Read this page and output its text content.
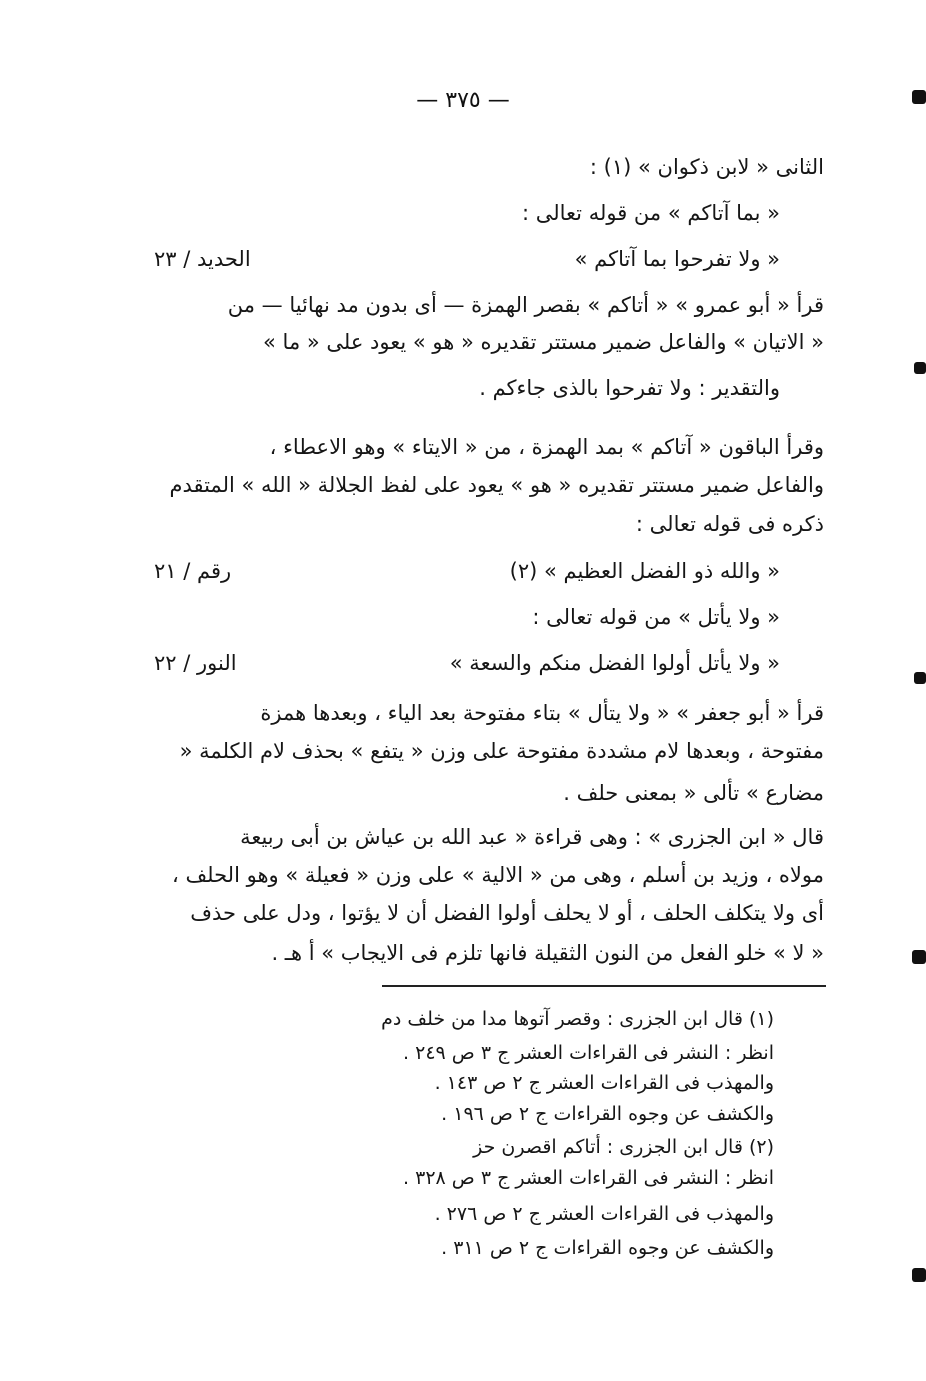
— ٣٧٥ —
الثانى « لابن ذكوان » (١) :
« بما آتاكم » من قوله تعالى :
« ولا تفرحوا بما آتاكم »
الحديد / ٢٣
قرأ « أبو عمرو » « أتاكم » بقصر الهمزة — أى بدون مد نهائيا — من
« الاتيان » والفاعل ضمير مستتر تقديره « هو » يعود على « ما »
والتقدير : ولا تفرحوا بالذى جاءكم .
وقرأ الباقون « آتاكم » بمد الهمزة ، من « الايتاء » وهو الاعطاء ،
والفاعل ضمير مستتر تقديره « هو » يعود على لفظ الجلالة « الله » المتقدم
ذكره فى قوله تعالى :
« والله ذو الفضل العظيم » (٢)
رقم / ٢١
« ولا يأتل » من قوله تعالى :
« ولا يأتل أولوا الفضل منكم والسعة »
النور / ٢٢
قرأ « أبو جعفر » « ولا يتأل » بتاء مفتوحة بعد الياء ، وبعدها همزة
مفتوحة ، وبعدها لام مشددة مفتوحة على وزن « يتفع » بحذف لام الكلمة «
مضارع » تألى « بمعنى حلف .
قال « ابن الجزرى » : وهى قراءة « عبد الله بن عياش بن أبى ربيعة
مولاه ، وزيد بن أسلم ، وهى من « الالية » على وزن « فعيلة » وهو الحلف ،
أى ولا يتكلف الحلف ، أو لا يحلف أولوا الفضل أن لا يؤتوا ، ودل على حذف
« لا » خلو الفعل من النون الثقيلة فانها تلزم فى الايجاب » أ هـ .
(١) قال ابن الجزرى : وقصر آتوها مدا من خلف دم
انظر : النشر فى القراءات العشر ج ٣ ص ٢٤٩ .
والمهذب فى القراءات العشر ج ٢ ص ١٤٣ .
والكشف عن وجوه القراءات ج ٢ ص ١٩٦ .
(٢) قال ابن الجزرى : أتاكم اقصرن حز
انظر : النشر فى القراءات العشر ج ٣ ص ٣٢٨ .
والمهذب فى القراءات العشر ج ٢ ص ٢٧٦ .
والكشف عن وجوه القراءات ج ٢ ص ٣١١ .
